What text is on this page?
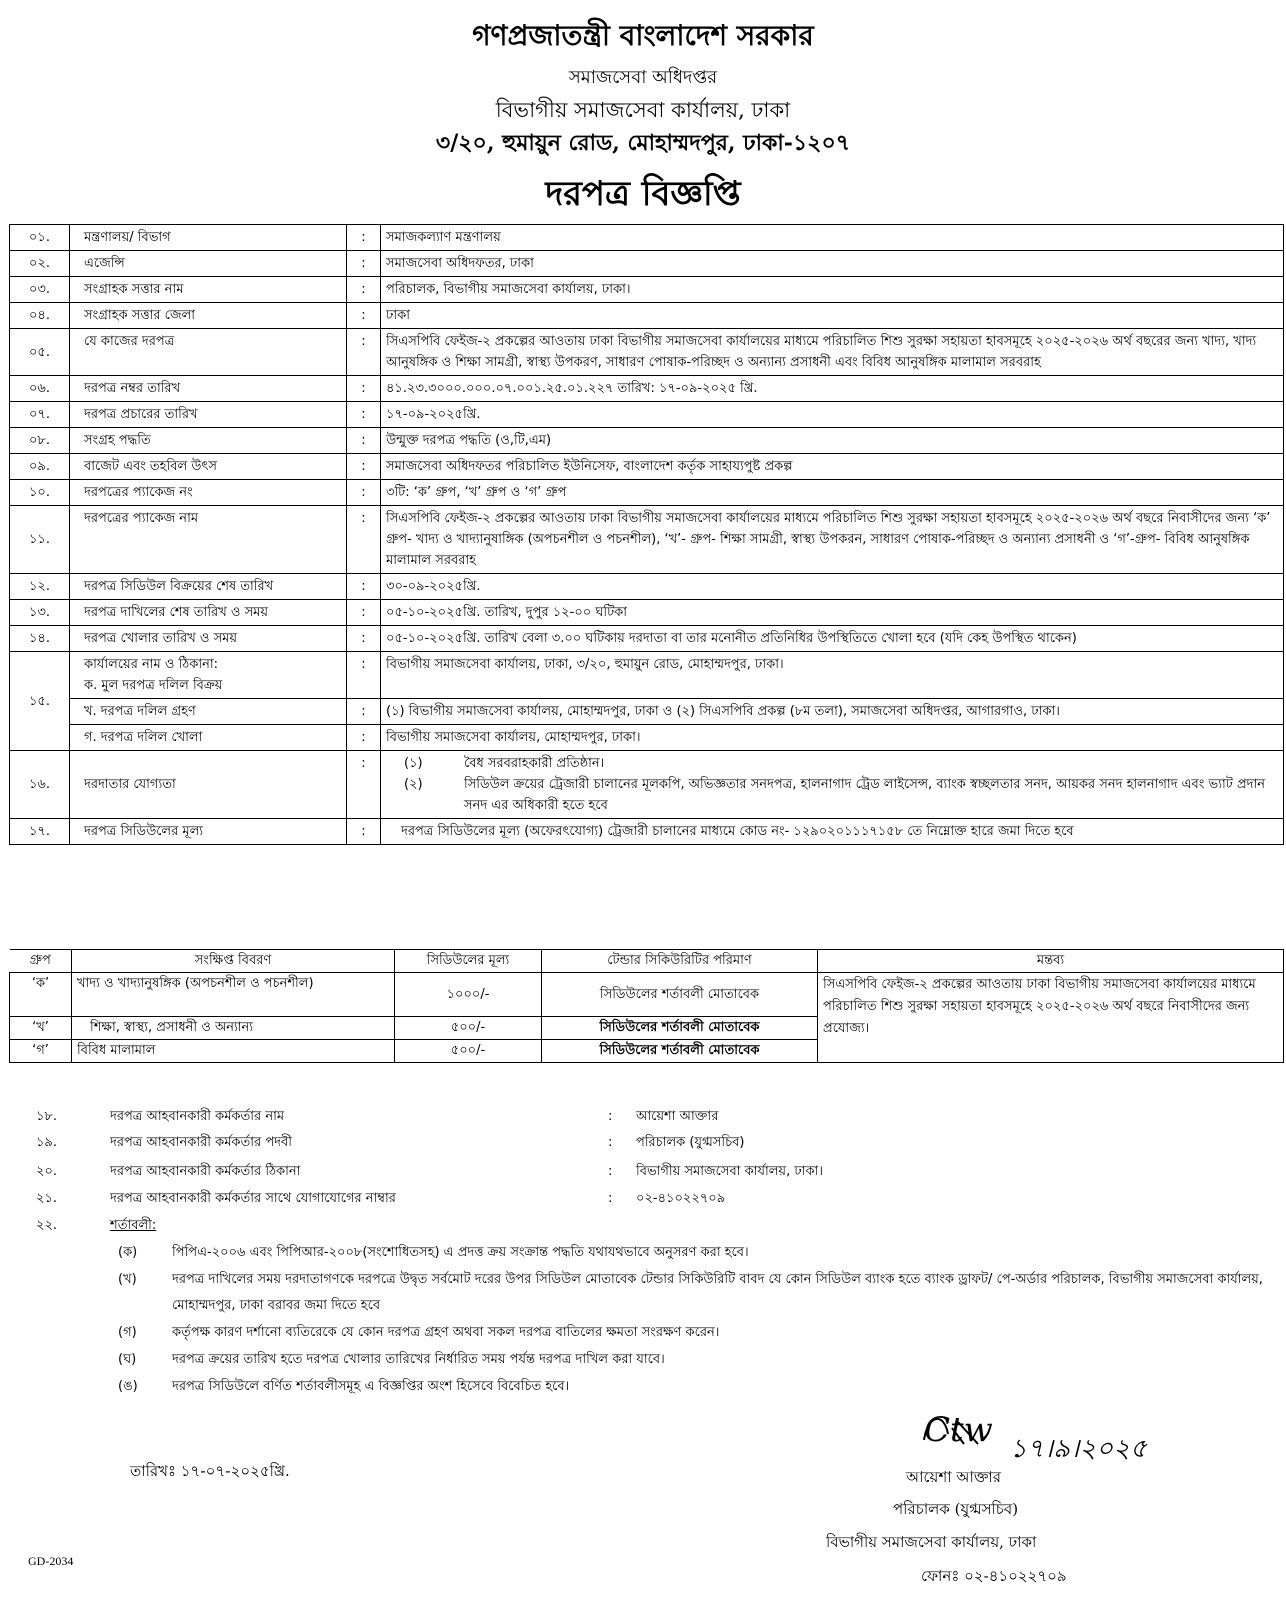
গণপ্রজাতন্ত্রী বাংলাদেশ সরকার
সমাজসেবা অধিদপ্তর
বিভাগীয় সমাজসেবা কার্যালয়, ঢাকা
৩/২০, হুমায়ুন রোড, মোহাম্মদপুর, ঢাকা-১২০৭
দরপত্র বিজ্ঞপ্তি
০১.	মন্ত্রণালয়/ বিভাগ	:	সমাজকল্যাণ মন্ত্রণালয়
০২.	এজেন্সি	:	সমাজসেবা অধিদফতর, ঢাকা
০৩.	সংগ্রাহক সত্তার নাম	:	পরিচালক, বিভাগীয় সমাজসেবা কার্যালয়, ঢাকা।
০৪.	সংগ্রাহক সত্তার জেলা	:	ঢাকা
০৫.	যে কাজের দরপত্র	:	সিএসপিবি ফেইজ-২ প্রকল্পের আওতায় ঢাকা বিভাগীয় সমাজসেবা কার্যালয়ের মাধ্যমে পরিচালিত শিশু সুরক্ষা সহায়তা হাবসমূহে ২০২৫-২০২৬ অর্থ বছরের জন্য খাদ্য, খাদ্য আনুষঙ্গিক ও শিক্ষা সামগ্রী, স্বাস্থ্য উপকরণ, সাধারণ পোষাক-পরিচ্ছদ ও অন্যান্য প্রসাধনী এবং বিবিধ আনুষঙ্গিক মালামাল সরবরাহ
০৬.	দরপত্র নম্বর তারিখ	:	৪১.২৩.৩০০০.০০০.০৭.০০১.২৫.০১.২২৭ তারিখ: ১৭-০৯-২০২৫ খ্রি.
০৭.	দরপত্র প্রচারের তারিখ	:	১৭-০৯-২০২৫খ্রি.
০৮.	সংগ্রহ পদ্ধতি	:	উন্মুক্ত দরপত্র পদ্ধতি (ও,টি,এম)
০৯.	বাজেট এবং তহবিল উৎস	:	সমাজসেবা অধিদফতর পরিচালিত ইউনিসেফ, বাংলাদেশ কর্তৃক সাহায্যপুষ্ট প্রকল্প
১০.	দরপত্রের প্যাকেজ নং	:	৩টি: ‘ক’ গ্রুপ, ‘খ’ গ্রুপ ও ‘গ’ গ্রুপ
১১.	দরপত্রের প্যাকেজ নাম	:	সিএসপিবি ফেইজ-২ প্রকল্পের আওতায় ঢাকা বিভাগীয় সমাজসেবা কার্যালয়ের মাধ্যমে পরিচালিত শিশু সুরক্ষা সহায়তা হাবসমূহে ২০২৫-২০২৬ অর্থ বছরে নিবাসীদের জন্য ‘ক’ গ্রুপ- খাদ্য ও খাদ্যানুষাঙ্গিক (অপচনশীল ও পচনশীল), ‘খ’- গ্রুপ- শিক্ষা সামগ্রী, স্বাস্থ্য উপকরন, সাধারণ পোষাক-পরিচ্ছদ ও অন্যান্য প্রসাধনী ও ‘গ’-গ্রুপ- বিবিধ আনুষঙ্গিক মালামাল সরবরাহ
১২.	দরপত্র সিডিউল বিক্রয়ের শেষ তারিখ	:	৩০-০৯-২০২৫খ্রি.
১৩.	দরপত্র দাখিলের শেষ তারিখ ও সময়	:	০৫-১০-২০২৫খ্রি. তারিখ, দুপুর ১২-০০ ঘটিকা
১৪.	দরপত্র খোলার তারিখ ও সময়	:	০৫-১০-২০২৫খ্রি. তারিখ বেলা ৩.০০ ঘটিকায় দরদাতা বা তার মনোনীত প্রতিনিধির উপস্থিতিতে খোলা হবে (যদি কেহ উপস্থিত থাকেন)
১৫.	কার্যালয়ের নাম ও ঠিকানা:
ক. মুল দরপত্র দলিল বিক্রয়	:	বিভাগীয় সমাজসেবা কার্যালয়, ঢাকা, ৩/২০, হুমায়ুন রোড, মোহাম্মদপুর, ঢাকা।
	খ. দরপত্র দলিল গ্রহণ	:	(১) বিভাগীয় সমাজসেবা কার্যালয়, মোহাম্মদপুর, ঢাকা ও (২) সিএসপিবি প্রকল্প (৮ম তলা), সমাজসেবা অধিদপ্তর, আগারগাও, ঢাকা।
	গ. দরপত্র দলিল খোলা	:	বিভাগীয় সমাজসেবা কার্যালয়, মোহাম্মদপুর, ঢাকা।
১৬.	দরদাতার যোগ্যতা	:	(১) বৈধ সরবরাহকারী প্রতিষ্ঠান।
(২) সিডিউল ক্রয়ের ট্রেজারী চালানের মূলকপি, অভিজ্ঞতার সনদপত্র, হালনাগাদ ট্রেড লাইসেন্স, ব্যাংক স্বচ্ছলতার সনদ, আয়কর সনদ হালনাগাদ এবং ভ্যাট প্রদান সনদ এর অধিকারী হতে হবে

১৭.	দরপত্র সিডিউলের মূল্য	:	দরপত্র সিডিউলের মূল্য (অফেরৎযোগ্য) ট্রেজারী চালানের মাধ্যমে কোড নং- ১২৯০২০১১১৭১৫৮ তে নিম্নোক্ত হারে জমা দিতে হবে
গ্রুপ	সংক্ষিপ্ত বিবরণ	সিডিউলের মূল্য	টেন্ডার সিকিউরিটির পরিমাণ	মন্তব্য
‘ক’	খাদ্য ও খাদ্যানুষঙ্গিক (অপচনশীল ও পচনশীল)	১০০০/-	সিডিউলের শর্তাবলী মোতাবেক	সিএসপিবি ফেইজ-২ প্রকল্পের আওতায় ঢাকা বিভাগীয় সমাজসেবা কার্যালয়ের মাধ্যমে পরিচালিত শিশু সুরক্ষা সহায়তা হাবসমূহে ২০২৫-২০২৬ অর্থ বছরে নিবাসীদের জন্য প্রযোজ্য।
‘খ’	শিক্ষা, স্বাস্থ্য, প্রসাধনী ও অন্যান্য	৫০০/-	সিডিউলের শর্তাবলী মোতাবেক	
‘গ’	বিবিধ মালামাল	৫০০/-	সিডিউলের শর্তাবলী মোতাবেক	
১৮.	দরপত্র আহবানকারী কর্মকর্তার নাম	: আয়েশা আক্তার
১৯.	দরপত্র আহবানকারী কর্মকর্তার পদবী	: পরিচালক (যুগ্মসচিব)
২০.	দরপত্র আহবানকারী কর্মকর্তার ঠিকানা	: বিভাগীয় সমাজসেবা কার্যালয়, ঢাকা।
২১.	দরপত্র আহবানকারী কর্মকর্তার সাথে যোগাযোগের নাম্বার	: ০২-৪১০২২৭০৯
২২.	শর্তাবলী:
(ক)	পিপিএ-২০০৬ এবং পিপিআর-২০০৮(সংশোধিতসহ) এ প্রদত্ত ক্রয় সংক্রান্ত পদ্ধতি যথাযথভাবে অনুসরণ করা হবে।
(খ)	দরপত্র দাখিলের সময় দরদাতাগণকে দরপত্রে উদ্বৃত সর্বমোট দরের উপর সিডিউল মোতাবেক টেন্ডার সিকিউরিটি বাবদ যে কোন সিডিউল ব্যাংক হতে ব্যাংক ড্রাফট/ পে-অর্ডার পরিচালক, বিভাগীয় সমাজসেবা কার্যালয়, মোহাম্মদপুর, ঢাকা বরাবর জমা দিতে হবে
(গ)	কর্তৃপক্ষ কারণ দর্শানো ব্যতিরেকে যে কোন দরপত্র গ্রহণ অথবা সকল দরপত্র বাতিলের ক্ষমতা সংরক্ষণ করেন।
(ঘ)	দরপত্র ক্রয়ের তারিখ হতে দরপত্র খোলার তারিখের নির্ধারিত সময় পর্যন্ত দরপত্র দাখিল করা যাবে।
(ঙ)	দরপত্র সিডিউলে বর্ণিত শর্তাবলীসমূহ এ বিজ্ঞপ্তির অংশ হিসেবে বিবেচিত হবে।
Ctw ১৭।৯।২০২৫
তারিখঃ ১৭-০৭-২০২৫খ্রি.	আয়েশা আক্তার
পরিচালক (যুগ্মসচিব)
বিভাগীয় সমাজসেবা কার্যালয়, ঢাকা
ফোনঃ ০২-৪১০২২৭০৯
GD-2034
